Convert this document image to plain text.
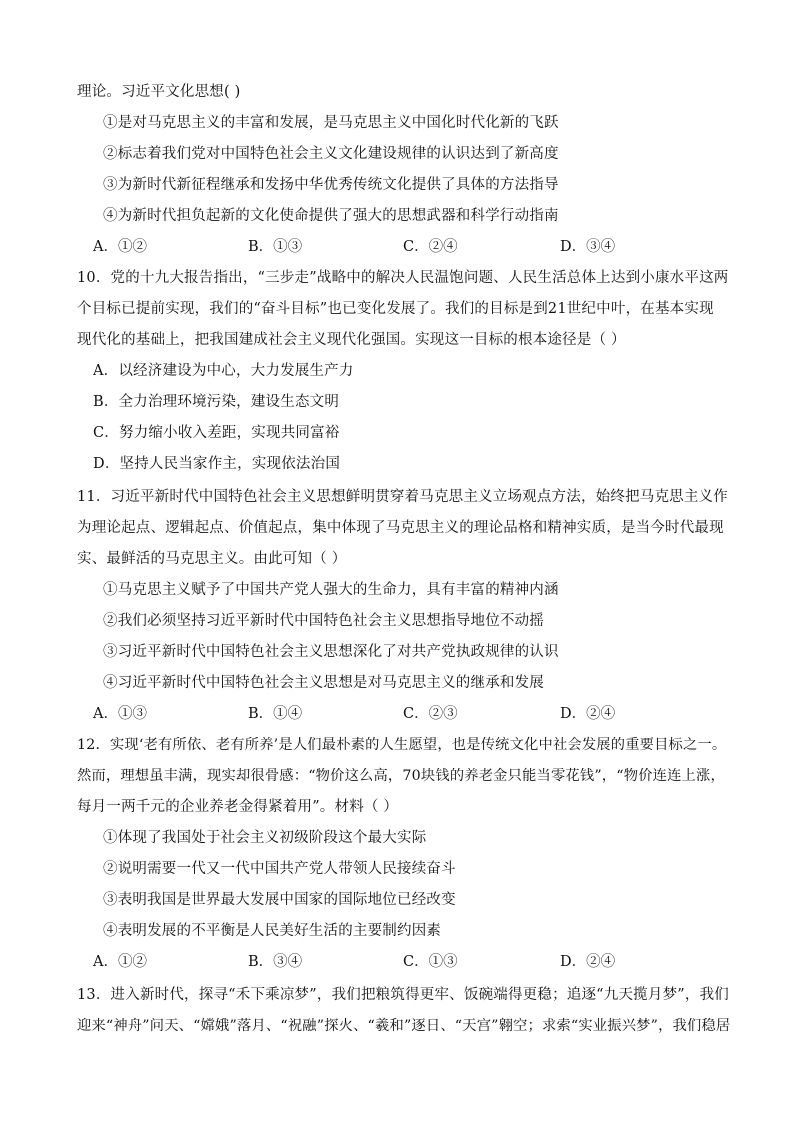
理论。习近平文化思想( )
①是对马克思主义的丰富和发展，是马克思主义中国化时代化新的飞跃
②标志着我们党对中国特色社会主义文化建设规律的认识达到了新高度
③为新时代新征程继承和发扬中华优秀传统文化提供了具体的方法指导
④为新时代担负起新的文化使命提供了强大的思想武器和科学行动指南
A．①②	B．①③	C．②④	D．③④
10．党的十九大报告指出，“三步走”战略中的解决人民温饱问题、人民生活总体上达到小康水平这两
个目标已提前实现，我们的“奋斗目标”也已变化发展了。我们的目标是到21世纪中叶，在基本实现
现代化的基础上，把我国建成社会主义现代化强国。实现这一目标的根本途径是（ ）
A．以经济建设为中心，大力发展生产力
B．全力治理环境污染，建设生态文明
C．努力缩小收入差距，实现共同富裕
D．坚持人民当家作主，实现依法治国
11．习近平新时代中国特色社会主义思想鲜明贯穿着马克思主义立场观点方法，始终把马克思主义作
为理论起点、逻辑起点、价值起点，集中体现了马克思主义的理论品格和精神实质，是当今时代最现
实、最鲜活的马克思主义。由此可知（ ）
①马克思主义赋予了中国共产党人强大的生命力，具有丰富的精神内涵
②我们必须坚持习近平新时代中国特色社会主义思想指导地位不动摇
③习近平新时代中国特色社会主义思想深化了对共产党执政规律的认识
④习近平新时代中国特色社会主义思想是对马克思主义的继承和发展
A．①③	B．①④	C．②③	D．②④
12．实现‘老有所依、老有所养’是人们最朴素的人生愿望，也是传统文化中社会发展的重要目标之一。
然而，理想虽丰满，现实却很骨感：“物价这么高，70块钱的养老金只能当零花钱”，“物价连连上涨，
每月一两千元的企业养老金得紧着用”。材料（ ）
①体现了我国处于社会主义初级阶段这个最大实际
②说明需要一代又一代中国共产党人带领人民接续奋斗
③表明我国是世界最大发展中国家的国际地位已经改变
④表明发展的不平衡是人民美好生活的主要制约因素
A．①②	B．③④	C．①③	D．②④
13．进入新时代，探寻“禾下乘凉梦”，我们把粮筑得更牢、饭碗端得更稳；追逐“九天揽月梦”，我们
迎来“神舟”问天、“嫦娥”落月、“祝融”探火、“羲和”逐日、“天宫”翱空；求索“实业振兴梦”，我们稳居
